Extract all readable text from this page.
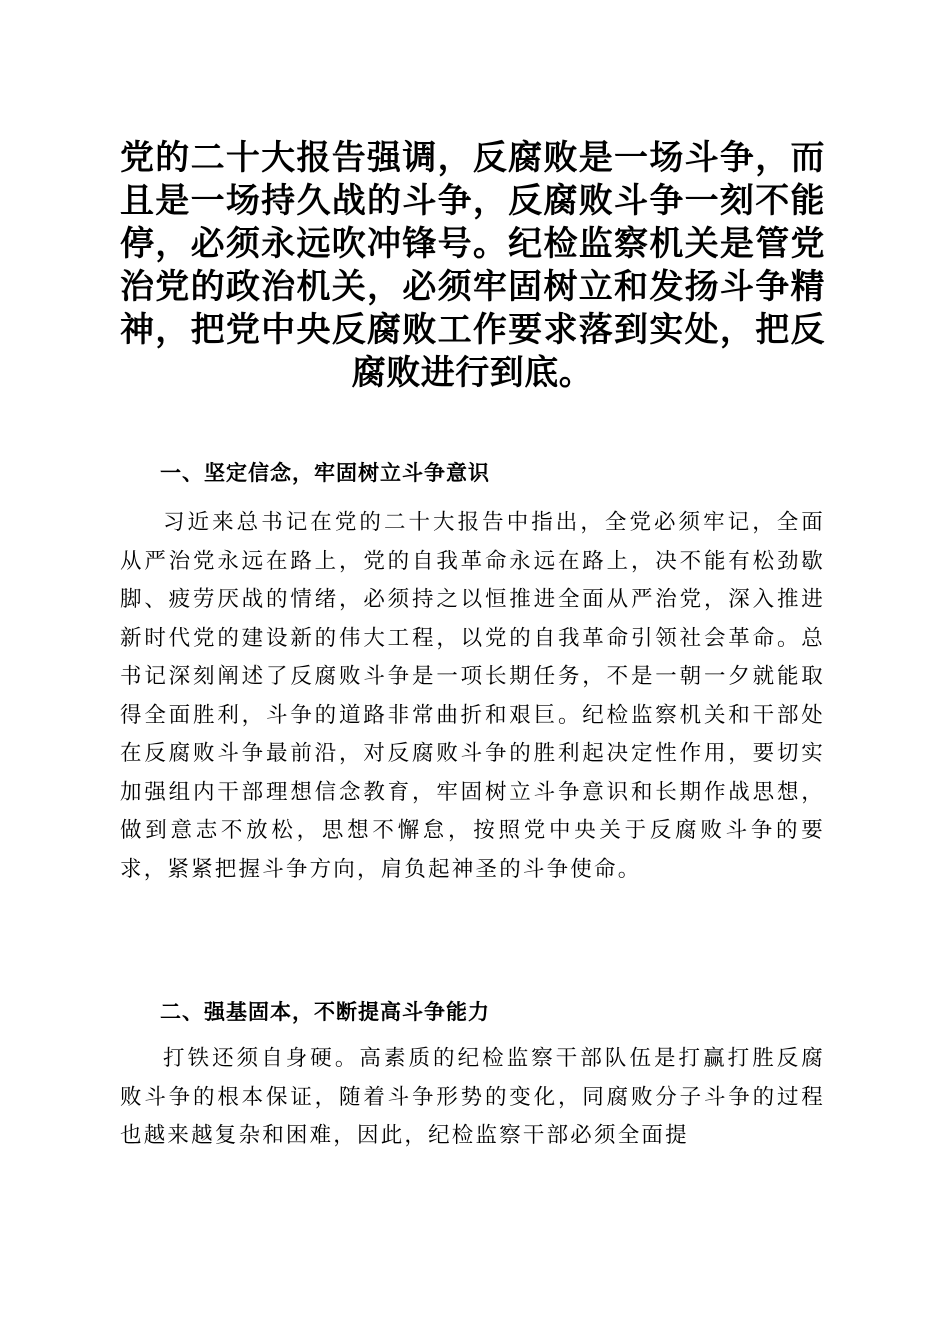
党的二十大报告强调，反腐败是一场斗争，而且是一场持久战的斗争，反腐败斗争一刻不能停，必须永远吹冲锋号。纪检监察机关是管党治党的政治机关，必须牢固树立和发扬斗争精神，把党中央反腐败工作要求落到实处，把反腐败进行到底。
一、坚定信念，牢固树立斗争意识

习近来总书记在党的二十大报告中指出，全党必须牢记，全面从严治党永远在路上，党的自我革命永远在路上，决不能有松劲歇脚、疲劳厌战的情绪，必须持之以恒推进全面从严治党，深入推进新时代党的建设新的伟大工程，以党的自我革命引领社会革命。总书记深刻阐述了反腐败斗争是一项长期任务，不是一朝一夕就能取得全面胜利，斗争的道路非常曲折和艰巨。纪检监察机关和干部处在反腐败斗争最前沿，对反腐败斗争的胜利起决定性作用，要切实加强组内干部理想信念教育，牢固树立斗争意识和长期作战思想，做到意志不放松，思想不懈怠，按照党中央关于反腐败斗争的要求，紧紧把握斗争方向，肩负起神圣的斗争使命。

二、强基固本，不断提高斗争能力

打铁还须自身硬。高素质的纪检监察干部队伍是打赢打胜反腐败斗争的根本保证，随着斗争形势的变化，同腐败分子斗争的过程也越来越复杂和困难，因此，纪检监察干部必须全面提
